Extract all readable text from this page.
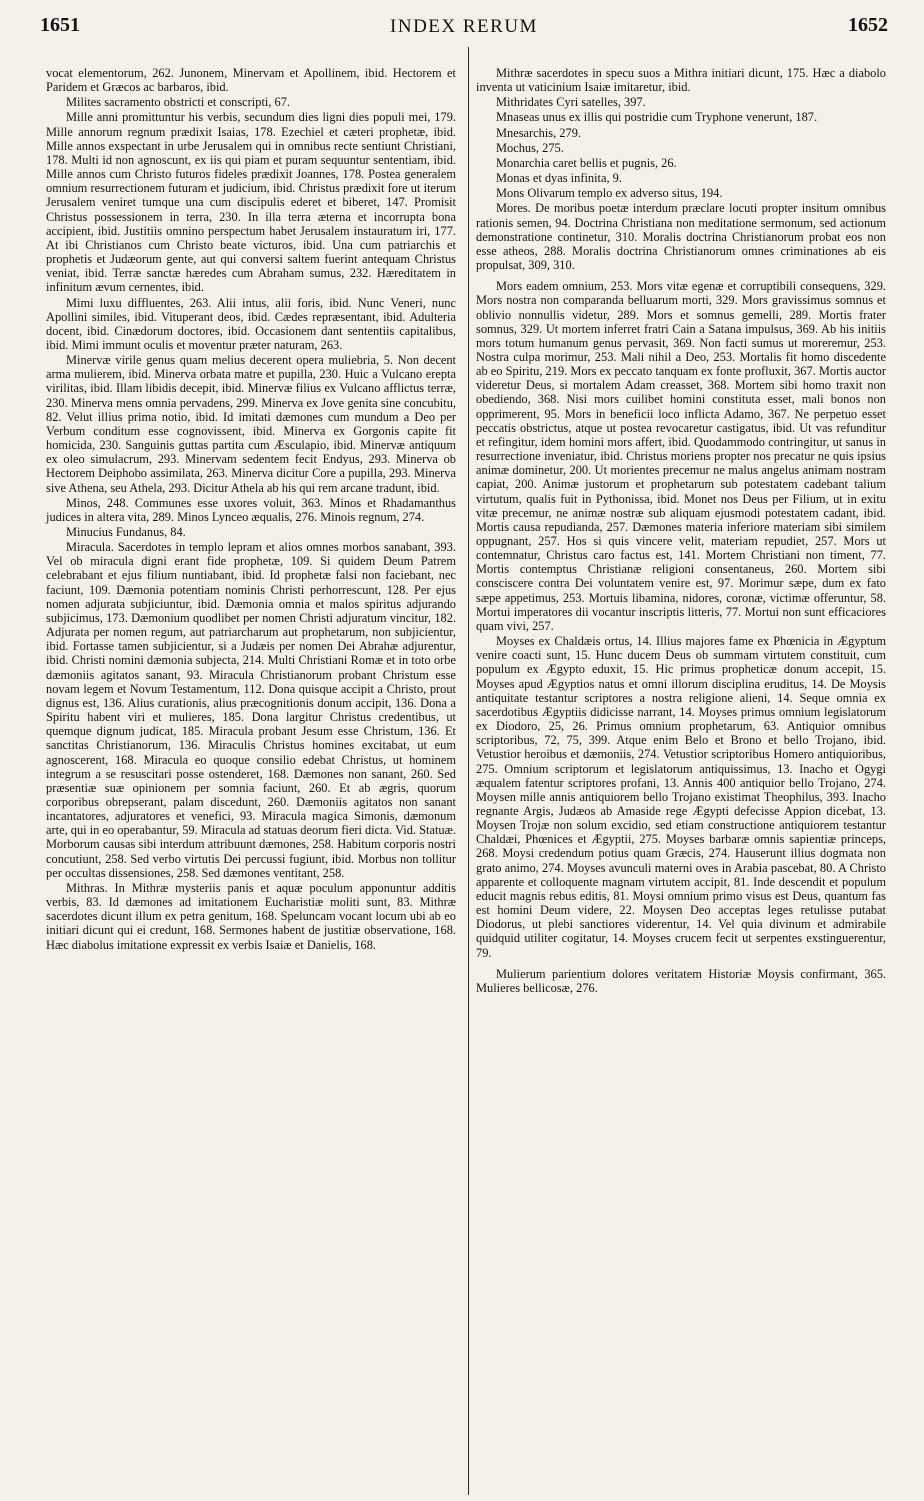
1651	INDEX RERUM	1652

vocat elementorum, 262. Junonem, Minervam et Apollinem, ibid. Hectorem et Paridem et Græcos ac barbaros, ibid.

Milites sacramento obstricti et conscripti, 67.

Mille anni promittuntur his verbis, secundum dies ligni dies populi mei, 179. Mille annorum regnum prædixit Isaias, 178. Ezechiel et cæteri prophetæ, ibid. Mille annos exspectant in urbe Jerusalem qui in omnibus recte sentiunt Christiani, 178. Multi id non agnoscunt, ex iis qui piam et puram sequuntur sententiam, ibid. Mille annos cum Christo futuros fideles prædixit Joannes, 178. Postea generalem omnium resurrectionem futuram et judicium, ibid. Christus prædixit fore ut iterum Jerusalem veniret tumque una cum discipulis ederet et biberet, 147. Promisit Christus possessionem in terra, 230. In illa terra æterna et incorrupta bona accipient, ibid. Justitiis omnino perspectum habet Jerusalem instauratum iri, 177. At ibi Christianos cum Christo beate victuros, ibid. Una cum patriarchis et prophetis et Judæorum gente, aut qui conversi saltem fuerint antequam Christus veniat, ibid. Terræ sanctæ hæredes cum Abraham sumus, 232. Hæreditatem in infinitum ævum cernentes, ibid.

Mimi luxu diffluentes, 263. Alii intus, alii foris, ibid. Nunc Veneri, nunc Apollini similes, ibid. Vituperant deos, ibid. Cædes repræsentant, ibid. Adulteria docent, ibid. Cinædorum doctores, ibid. Occasionem dant sententiis capitalibus, ibid. Mimi immunt oculis et moventur præter naturam, 263.

Minervæ virile genus quam melius decerent opera muliebria, 5. Non decent arma mulierem, ibid. Minerva orbata matre et pupilla, 230. Huic a Vulcano erepta virilitas, ibid. Illam libidis decepit, ibid. Minervæ filius ex Vulcano afflictus terræ, 230. Minerva mens omnia pervadens, 299. Minerva ex Jove genita sine concubitu, 82. Velut illius prima notio, ibid. Id imitati dæmones cum mundum a Deo per Verbum conditum esse cognovissent, ibid. Minerva ex Gorgonis capite fit homicida, 230. Sanguinis guttas partita cum Æsculapio, ibid. Minervæ antiquum ex oleo simulacrum, 293. Minervam sedentem fecit Endyus, 293. Minerva ob Hectorem Deiphobo assimilata, 263. Minerva dicitur Core a pupilla, 293. Minerva sive Athena, seu Athela, 293. Dicitur Athela ab his qui rem arcane tradunt, ibid.

Minos, 248. Communes esse uxores voluit, 363. Minos et Rhadamanthus judices in altera vita, 289. Minos Lynceo æqualis, 276. Minois regnum, 274.

Minucius Fundanus, 84.

Miracula. Sacerdotes in templo lepram et alios omnes morbos sanabant, 393. Vel ob miracula digni erant fide prophetæ, 109. Si quidem Deum Patrem celebrabant et ejus filium nuntiabant, ibid. Id prophetæ falsi non faciebant, nec faciunt, 109. Dæmonia potentiam nominis Christi perhorrescunt, 128. Per ejus nomen adjurata subjiciuntur, ibid. Dæmonia omnia et malos spiritus adjurando subjicimus, 173. Dæmonium quodlibet per nomen Christi adjuratum vincitur, 182. Adjurata per nomen regum, aut patriarcharum aut prophetarum, non subjicientur, ibid. Fortasse tamen subjicientur, si a Judæis per nomen Dei Abrahæ adjurentur, ibid. Christi nomini dæmonia subjecta, 214. Multi Christiani Romæ et in toto orbe dæmoniis agitatos sanant, 93. Miracula Christianorum probant Christum esse novam legem et Novum Testamentum, 112. Dona quisque accipit a Christo, prout dignus est, 136. Alius curationis, alius præcognitionis donum accipit, 136. Dona a Spiritu habent viri et mulieres, 185. Dona largitur Christus credentibus, ut quemque dignum judicat, 185. Miracula probant Jesum esse Christum, 136. Et sanctitas Christianorum, 136. Miraculis Christus homines excitabat, ut eum agnoscerent, 168. Miracula eo quoque consilio edebat Christus, ut hominem integrum a se resuscitari posse ostenderet, 168. Dæmones non sanant, 260. Sed præsentiæ suæ opinionem per somnia faciunt, 260. Et ab ægris, quorum corporibus obrepserant, palam discedunt, 260. Dæmoniis agitatos non sanant incantatores, adjuratores et venefici, 93. Miracula magica Simonis, dæmonum arte, qui in eo operabantur, 59. Miracula ad statuas deorum fieri dicta. Vid. Statuæ. Morborum causas sibi interdum attribuunt dæmones, 258. Habitum corporis nostri concutiunt, 258. Sed verbo virtutis Dei percussi fugiunt, ibid. Morbus non tollitur per occultas dissensiones, 258. Sed dæmones ventitant, 258.

Mithras. In Mithræ mysteriis panis et aquæ poculum apponuntur additis verbis, 83. Id dæmones ad imitationem Eucharistiæ moliti sunt, 83. Mithræ sacerdotes dicunt illum ex petra genitum, 168. Speluncam vocant locum ubi ab eo initiari dicunt qui ei credunt, 168. Sermones habent de justitiæ observatione, 168. Hæc diabolus imitatione expressit ex verbis Isaiæ et Danielis, 168.

Mithræ sacerdotes in specu suos a Mithra initiari dicunt, 175. Hæc a diabolo inventa ut vaticinium Isaiæ imitaretur, ibid.

Mithridates Cyri satelles, 397.

Mnaseas unus ex illis qui postridie cum Tryphone venerunt, 187.

Mnesarchis, 279.

Mochus, 275.

Monarchia caret bellis et pugnis, 26.

Monas et dyas infinita, 9.

Mons Olivarum templo ex adverso situs, 194.

Mores. De moribus poetæ interdum præclare locuti propter insitum omnibus rationis semen, 94. Doctrina Christiana non meditatione sermonum, sed actionum demonstratione continetur, 310. Moralis doctrina Christianorum probat eos non esse atheos, 288. Moralis doctrina Christianorum omnes criminationes ab eis propulsat, 309, 310.

Mors eadem omnium, 253. Mors vitæ egenæ et corruptibili consequens, 329. Mors nostra non comparanda belluarum morti, 329. Mors gravissimus somnus et oblivio nonnullis videtur, 289. Mors et somnus gemelli, 289. Mortis frater somnus, 329. Ut mortem inferret fratri Cain a Satana impulsus, 369. Ab his initiis mors totum humanum genus pervasit, 369. Non facti sumus ut moreremur, 253. Nostra culpa morimur, 253. Mali nihil a Deo, 253. Mortalis fit homo discedente ab eo Spiritu, 219. Mors ex peccato tanquam ex fonte profluxit, 367. Mortis auctor videretur Deus, si mortalem Adam creasset, 368. Mortem sibi homo traxit non obediendo, 368. Nisi mors cuilibet homini constituta esset, mali bonos non opprimerent, 95. Mors in beneficii loco inflicta Adamo, 367. Ne perpetuo esset peccatis obstrictus, atque ut postea revocaretur castigatus, ibid. Ut vas refunditur et refingitur, idem homini mors affert, ibid. Quodammodo contringitur, ut sanus in resurrectione inveniatur, ibid. Christus moriens propter nos precatur ne quis ipsius animæ dominetur, 200. Ut morientes precemur ne malus angelus animam nostram capiat, 200. Animæ justorum et prophetarum sub potestatem cadebant talium virtutum, qualis fuit in Pythonissa, ibid. Monet nos Deus per Filium, ut in exitu vitæ precemur, ne animæ nostræ sub aliquam ejusmodi potestatem cadant, ibid. Mortis causa repudianda, 257. Dæmones materia inferiore materiam sibi similem oppugnant, 257. Hos si quis vincere velit, materiam repudiet, 257. Mors ut contemnatur, Christus caro factus est, 141. Mortem Christiani non timent, 77. Mortis contemptus Christianæ religioni consentaneus, 260. Mortem sibi consciscere contra Dei voluntatem venire est, 97. Morimur sæpe, dum ex fato sæpe appetimus, 253. Mortuis libamina, nidores, coronæ, victimæ offeruntur, 58. Mortui imperatores dii vocantur inscriptis litteris, 77. Mortui non sunt efficaciores quam vivi, 257.

Moyses ex Chaldæis ortus, 14. Illius majores fame ex Phœnicia in Ægyptum venire coacti sunt, 15. Hunc ducem Deus ob summam virtutem constituit, cum populum ex Ægypto eduxit, 15. Hic primus propheticæ donum accepit, 15. Moyses apud Ægyptios natus et omni illorum disciplina eruditus, 14. De Moysis antiquitate testantur scriptores a nostra religione alieni, 14. Seque omnia ex sacerdotibus Ægyptiis didicisse narrant, 14. Moyses primus omnium legislatorum ex Diodoro, 25, 26. Primus omnium prophetarum, 63. Antiquior omnibus scriptoribus, 72, 75, 399. Atque enim Belo et Brono et bello Trojano, ibid. Vetustior heroibus et dæmoniis, 274. Vetustior scriptoribus Homero antiquioribus, 275. Omnium scriptorum et legislatorum antiquissimus, 13. Inacho et Ogygi æqualem fatentur scriptores profani, 13. Annis 400 antiquior bello Trojano, 274. Moysen mille annis antiquiorem bello Trojano existimat Theophilus, 393. Inacho regnante Argis, Judæos ab Amaside rege Ægypti defecisse Appion dicebat, 13. Moysen Trojæ non solum excidio, sed etiam constructione antiquiorem testantur Chaldæi, Phœnices et Ægyptii, 275. Moyses barbaræ omnis sapientiæ princeps, 268. Moysi credendum potius quam Græcis, 274. Hauserunt illius dogmata non grato animo, 274. Moyses avunculi materni oves in Arabia pascebat, 80. A Christo apparente et colloquente magnam virtutem accipit, 81. Inde descendit et populum educit magnis rebus editis, 81. Moysi omnium primo visus est Deus, quantum fas est homini Deum videre, 22. Moysen Deo acceptas leges retulisse putabat Diodorus, ut plebi sanctiores viderentur, 14. Vel quia divinum et admirabile quidquid utiliter cogitatur, 14. Moyses crucem fecit ut serpentes exstinguerentur, 79.

Mulierum parientium dolores veritatem Historiæ Moysis confirmant, 365. Mulieres bellicosæ, 276.
